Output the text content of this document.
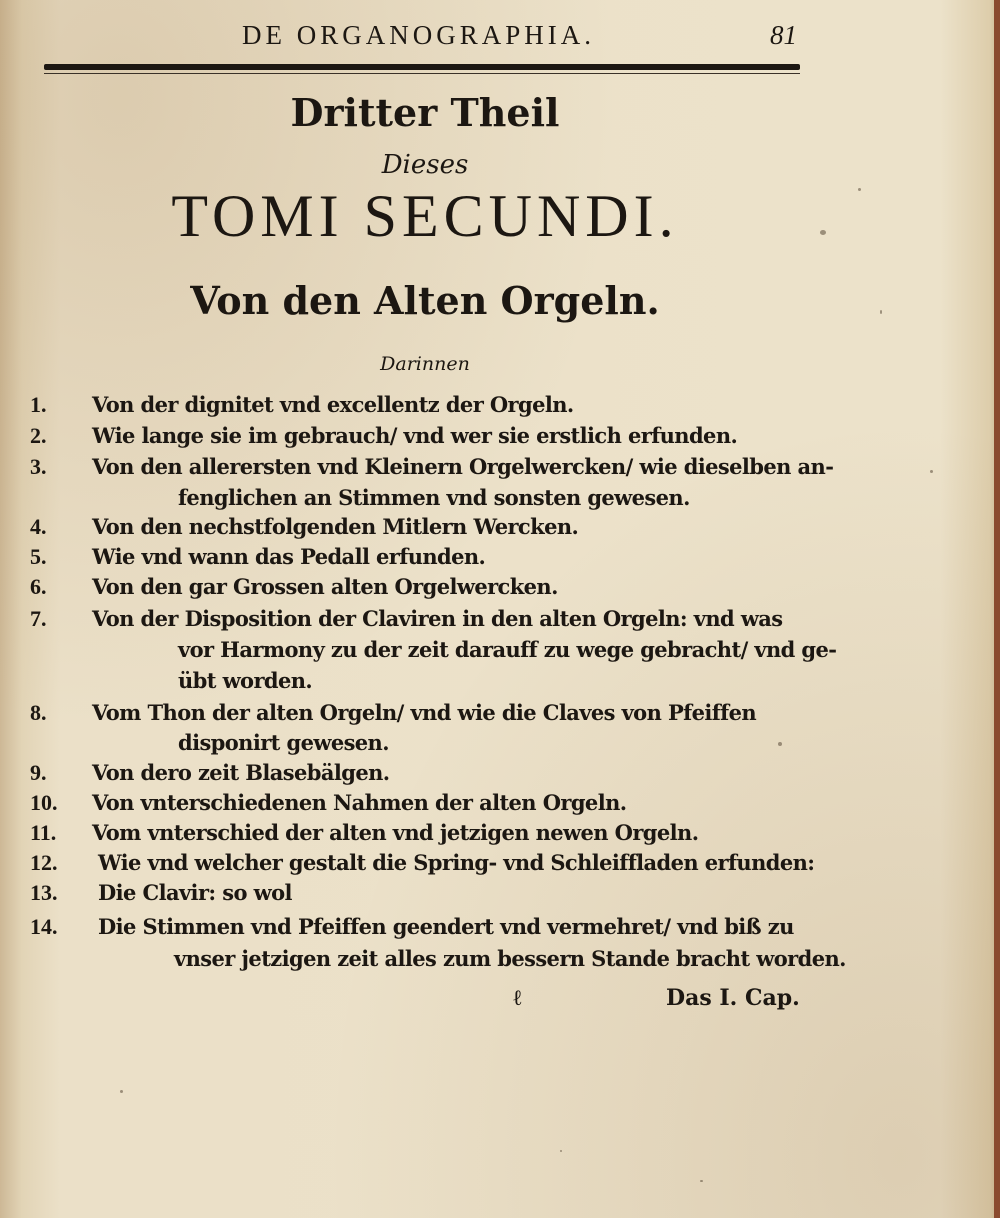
DE ORGANOGRAPHIA.	81
Dritter Theil
Dieses
TOMI SECUNDI.
Von den Alten Orgeln.
Darinnen
1.	Von der dignitet vnd excellentz der Orgeln.
2.	Wie lange sie im gebrauch/ vnd wer sie erstlich erfunden.
3.	Von den allerersten vnd Kleinern Orgelwercken/ wie dieselben an-
fenglichen an Stimmen vnd sonsten gewesen.
4.	Von den nechstfolgenden Mitlern Wercken.
5.	Wie vnd wann das Pedall erfunden.
6.	Von den gar Grossen alten Orgelwercken.
7.	Von der Disposition der Claviren in den alten Orgeln: vnd was
vor Harmony zu der zeit darauff zu wege gebracht/ vnd ge-
übt worden.
8.	Vom Thon der alten Orgeln/ vnd wie die Claves von Pfeiffen
disponirt gewesen.
9.	Von dero zeit Blasebälgen.
10.	Von vnterschiedenen Nahmen der alten Orgeln.
11.	Vom vnterschied der alten vnd jetzigen newen Orgeln.
12.	Wie vnd welcher gestalt die Spring- vnd Schleiffladen erfunden:
13.	Die Clavir: so wol
14.	Die Stimmen vnd Pfeiffen geendert vnd vermehret/ vnd biß zu
vnser jetzigen zeit alles zum bessern Stande bracht worden.
ℓ	Das I. Cap.
